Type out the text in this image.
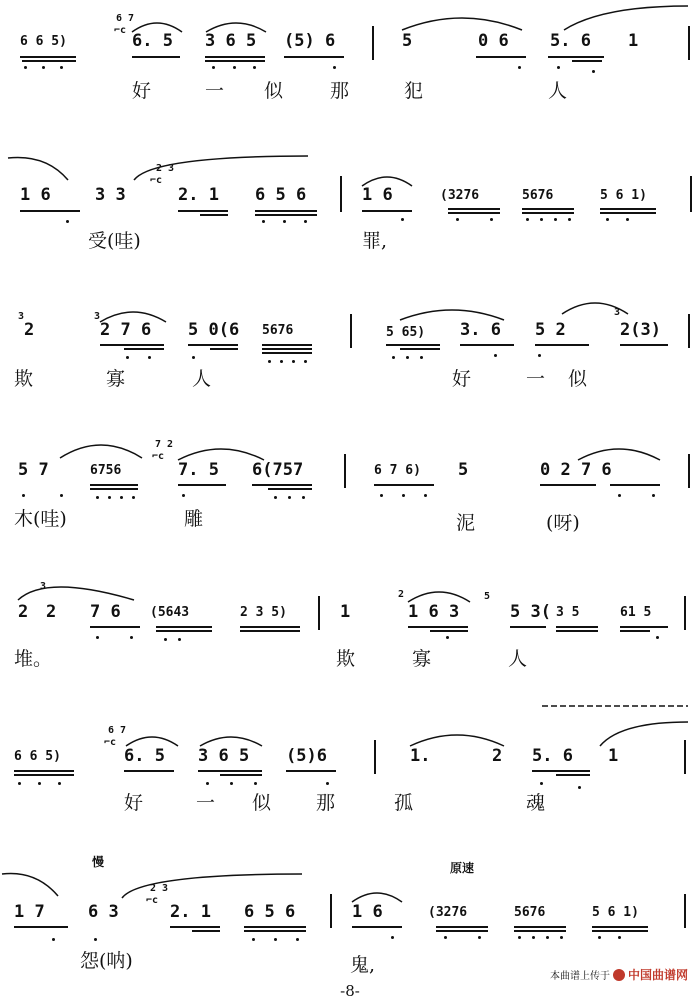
6 6 5)
6 7
⌐c
6. 5 3 6 5 (5) 6	5	0 6 5. 6 1
好	一 似 那	犯	人
1 6	3 3
2 3
⌐c
2. 1 6 5 6	1 6	(3276	5676	5 6 1)
受(哇)	罪,
3
2
3
2 7 6 5 0(6 5676	5 65) 3. 6 5 2
3
2(3)
欺	寡	人	好	一 似
5 7	6756
7 2
⌐c
7. 5 6(757	6 7 6) 5	0 2 7 6
木(哇)	雕	泥	(呀)
2
3
2 7 6 (5643	2 3 5)	1
2
1 6 3
5
5 3( 3 5	61 5
堆。	欺	寡	人
6 6 5)
6 7
⌐c
6. 5 3 6 5 (5)6	1.	2 5. 6 1
好	一 似 那	孤	魂
慢	原速
1 7	6 3
2 3
⌐c
2. 1 6 5 6	1 6	(3276	5676	5 6 1)
怨(呐)	鬼,
本曲谱上传于 中国曲谱网
-8-
